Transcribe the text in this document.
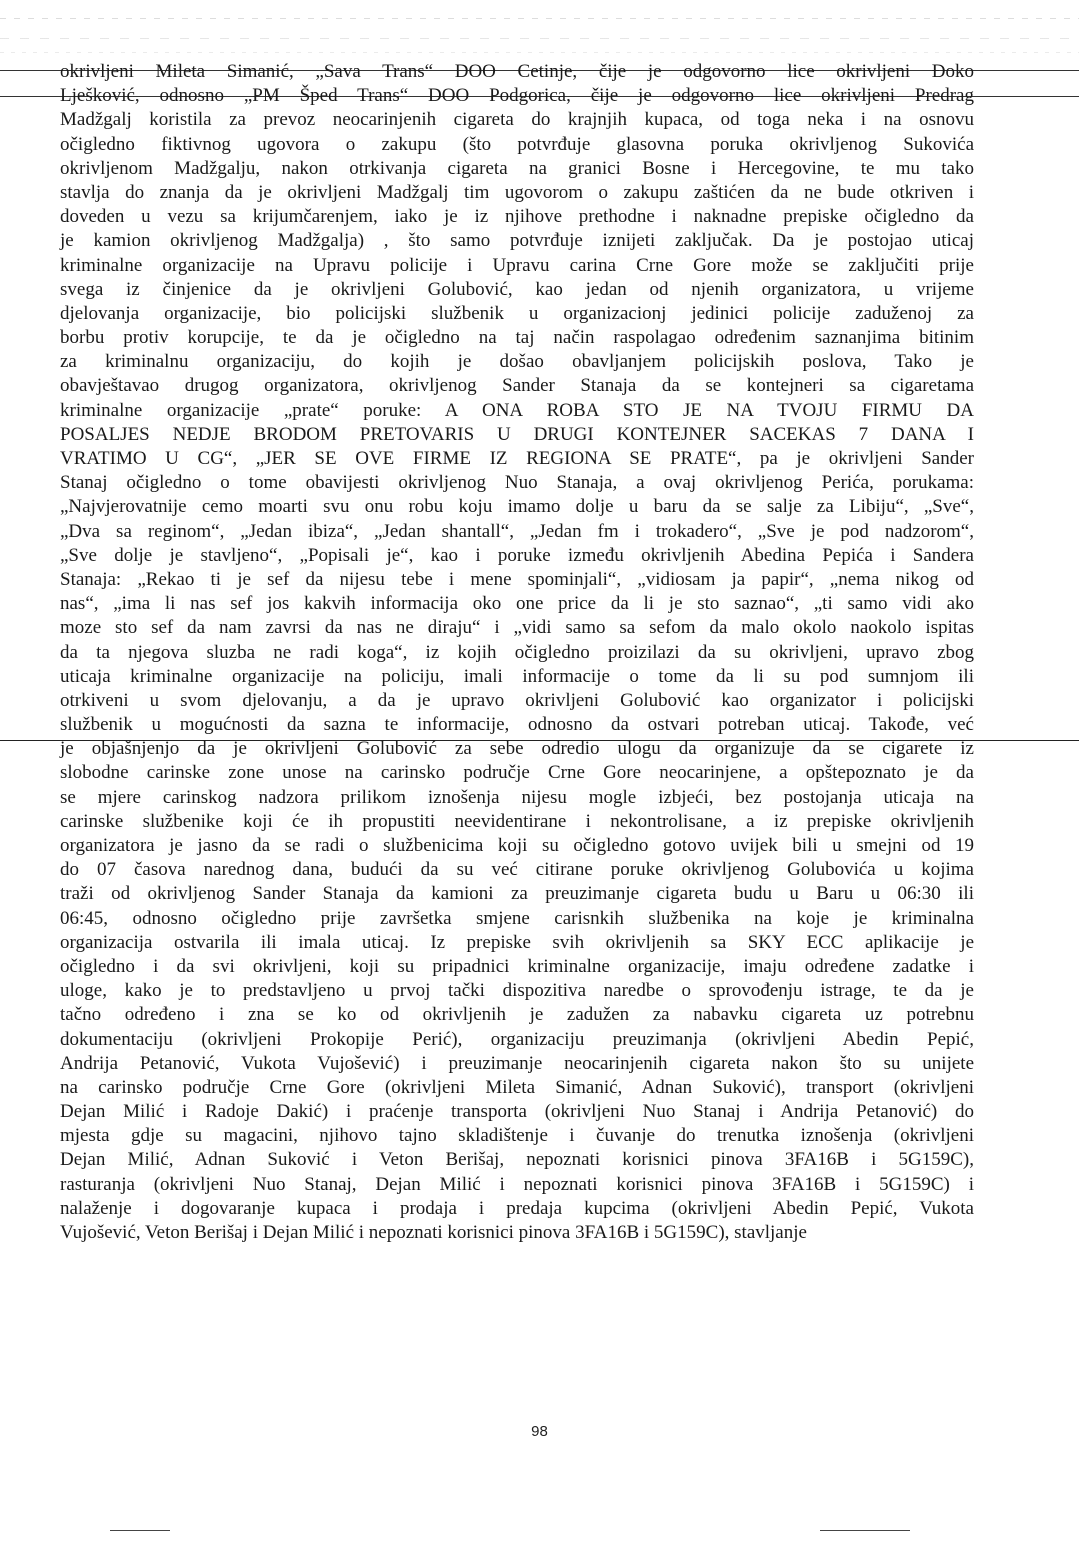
okrivljeni Mileta Simanić, „Sava Trans“ DOO Cetinje, čije je odgovorno lice okrivljeni Đoko
Lješković, odnosno „PM Šped Trans“ DOO Podgorica, čije je odgovorno lice okrivljeni Predrag
Madžgalj koristila za prevoz neocarinjenih cigareta do krajnjih kupaca, od toga neka i na osnovu
očigledno fiktivnog ugovora o zakupu (što potvrđuje glasovna poruka okrivljenog Sukovića
okrivljenom Madžgalju, nakon otrkivanja cigareta na granici Bosne i Hercegovine, te mu tako
stavlja do znanja da je okrivljeni Madžgalj tim ugovorom o zakupu zaštićen da ne bude otkriven i
doveden u vezu sa krijumčarenjem, iako je iz njihove prethodne i naknadne prepiske očigledno da
je kamion okrivljenog Madžgalja) , što samo potvrđuje iznijeti zaključak. Da je postojao uticaj
kriminalne organizacije na Upravu policije i Upravu carina Crne Gore može se zaključiti prije
svega iz činjenice da je okrivljeni Golubović, kao jedan od njenih organizatora, u vrijeme
djelovanja organizacije, bio policijski službenik u organizacionj jedinici policije zaduženoj za
borbu protiv korupcije, te da je očigledno na taj način raspolagao određenim saznanjima bitinim
za kriminalnu organizaciju, do kojih je došao obavljanjem policijskih poslova, Tako je
obavještavao drugog organizatora, okrivljenog Sander Stanaja da se kontejneri sa cigaretama
kriminalne organizacije „prate“ poruke: A ONA ROBA STO JE NA TVOJU FIRMU DA
POSALJES NEDJE BRODOM PRETOVARIS U DRUGI KONTEJNER SACEKAS 7 DANA I
VRATIMO U CG“, „JER SE OVE FIRME IZ REGIONA SE PRATE“, pa je okrivljeni Sander
Stanaj očigledno o tome obavijesti okrivljenog Nuo Stanaja, a ovaj okrivljenog Perića, porukama:
„Najvjerovatnije cemo moarti svu onu robu koju imamo dolje u baru da se salje za Libiju“, „Sve“,
„Dva sa reginom“, „Jedan ibiza“, „Jedan shantall“, „Jedan fm i trokadero“, „Sve je pod nadzorom“,
„Sve dolje je stavljeno“, „Popisali je“, kao i poruke između okrivljenih Abedina Pepića i Sandera
Stanaja: „Rekao ti je sef da nijesu tebe i mene spominjali“, „vidiosam ja papir“, „nema nikog od
nas“, „ima li nas sef jos kakvih informacija oko one price da li je sto saznao“, „ti samo vidi ako
moze sto sef da nam zavrsi da nas ne diraju“ i „vidi samo sa sefom da malo okolo naokolo ispitas
da ta njegova sluzba ne radi koga“, iz kojih očigledno proizilazi da su okrivljeni, upravo zbog
uticaja kriminalne organizacije na policiju, imali informacije o tome da li su pod sumnjom ili
otrkiveni u svom djelovanju, a da je upravo okrivljeni Golubović kao organizator i policijski
službenik u mogućnosti da sazna te informacije, odnosno da ostvari potreban uticaj. Takođe, već
je objašnjenjo da je okrivljeni Golubović za sebe odredio ulogu da organizuje da se cigarete iz
slobodne carinske zone unose na carinsko područje Crne Gore neocarinjene, a opštepoznato je da
se mjere carinskog nadzora prilikom iznošenja nijesu mogle izbjeći, bez postojanja uticaja na
carinske službenike koji će ih propustiti neevidentirane i nekontrolisane, a iz prepiske okrivljenih
organizatora je jasno da se radi o službenicima koji su očigledno gotovo uvijek bili u smejni od 19
do 07 časova narednog dana, budući da su već citirane poruke okrivljenog Golubovića u kojima
traži od okrivljenog Sander Stanaja da kamioni za preuzimanje cigareta budu u Baru u 06:30 ili
06:45, odnosno očigledno prije završetka smjene carisnkih službenika na koje je kriminalna
organizacija ostvarila ili imala uticaj. Iz prepiske svih okrivljenih sa SKY ECC aplikacije je
očigledno i da svi okrivljeni, koji su pripadnici kriminalne organizacije, imaju određene zadatke i
uloge, kako je to predstavljeno u prvoj tački dispozitiva naredbe o sprovođenju istrage, te da je
tačno određeno i zna se ko od okrivljenih je zadužen za nabavku cigareta uz potrebnu
dokumentaciju (okrivljeni Prokopije Perić), organizaciju preuzimanja (okrivljeni Abedin Pepić,
Andrija Petanović, Vukota Vujošević) i preuzimanje neocarinjenih cigareta nakon što su unijete
na carinsko područje Crne Gore (okrivljeni Mileta Simanić, Adnan Suković), transport (okrivljeni
Dejan Milić i Radoje Dakić) i praćenje transporta (okrivljeni Nuo Stanaj i Andrija Petanović) do
mjesta gdje su magacini, njihovo tajno skladištenje i čuvanje do trenutka iznošenja (okrivljeni
Dejan Milić, Adnan Suković i Veton Berišaj, nepoznati korisnici pinova 3FA16B i 5G159C),
rasturanja (okrivljeni Nuo Stanaj, Dejan Milić i nepoznati korisnici pinova 3FA16B i 5G159C) i
nalaženje i dogovaranje kupaca i prodaja i predaja kupcima (okrivljeni Abedin Pepić, Vukota
Vujošević, Veton Berišaj i Dejan Milić i nepoznati korisnici pinova 3FA16B i 5G159C), stavljanje
98
